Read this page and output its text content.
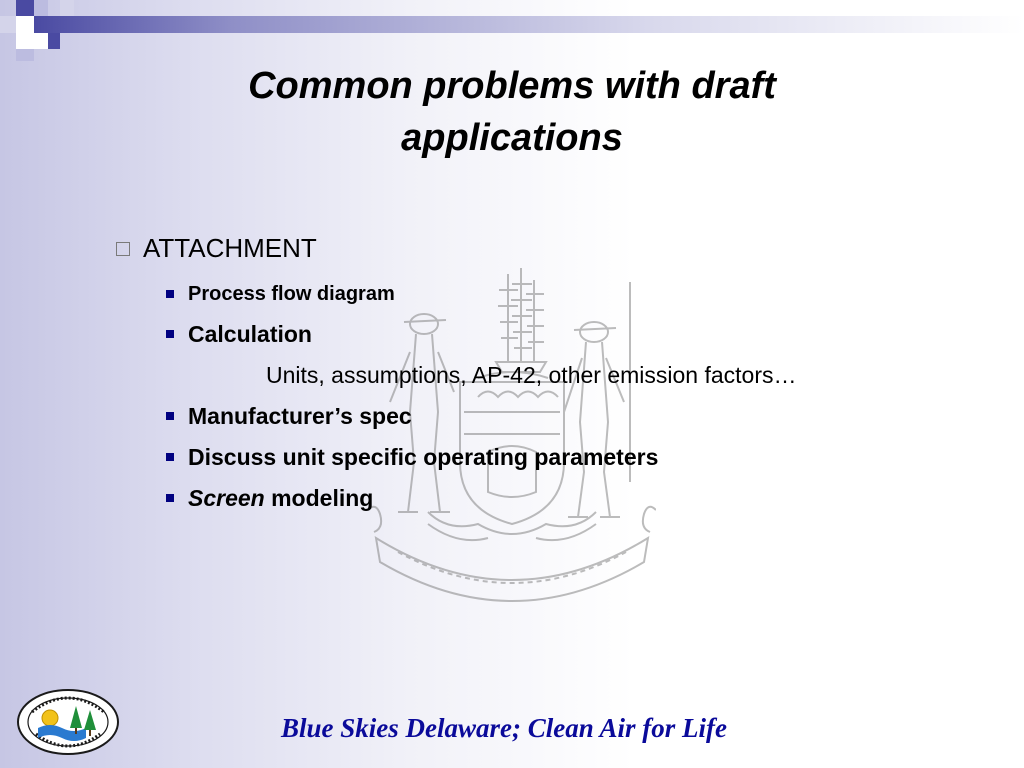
Common problems with draft
applications
ATTACHMENT
Process flow diagram
Calculation
Units, assumptions, AP-42, other emission factors…
Manufacturer’s spec
Discuss unit specific operating parameters
Screen modeling

Blue Skies Delaware; Clean Air for Life
